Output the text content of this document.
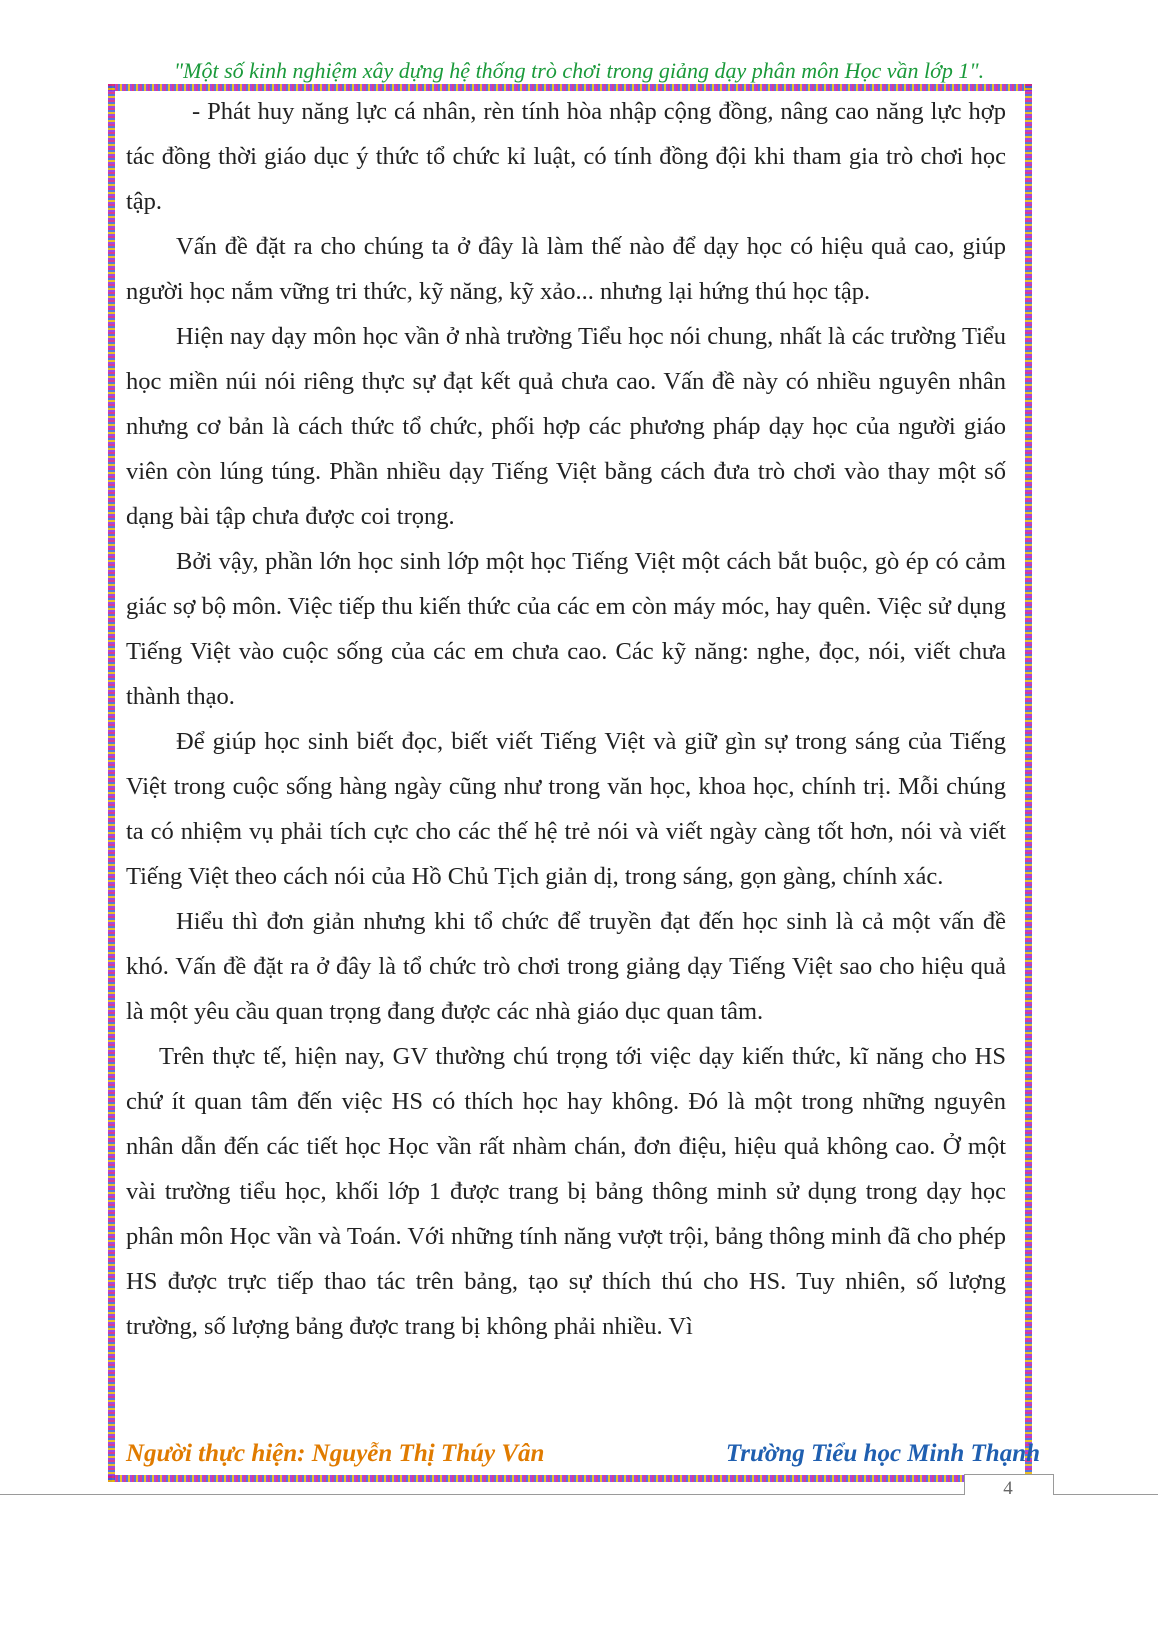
"Một số kinh nghiệm xây dựng hệ thống trò chơi trong giảng dạy phân môn Học vần lớp 1".

- Phát huy năng lực cá nhân, rèn tính hòa nhập cộng đồng, nâng cao năng lực hợp tác đồng thời giáo dục ý thức tổ chức kỉ luật, có tính đồng đội khi tham gia trò chơi học tập.

Vấn đề đặt ra cho chúng ta ở đây là làm thế nào để dạy học có hiệu quả cao, giúp người học nắm vững tri thức, kỹ năng, kỹ xảo... nhưng lại hứng thú học tập.

Hiện nay dạy môn học vần ở nhà trường Tiểu học nói chung, nhất là các trường Tiểu học miền núi nói riêng thực sự đạt kết quả chưa cao. Vấn đề này có nhiều nguyên nhân nhưng cơ bản là cách thức tổ chức, phối hợp các phương pháp dạy học của người giáo viên còn lúng túng. Phần nhiều dạy Tiếng Việt bằng cách đưa trò chơi vào thay một số dạng bài tập chưa được coi trọng.

Bởi vậy, phần lớn học sinh lớp một học Tiếng Việt một cách bắt buộc, gò ép có cảm giác sợ bộ môn. Việc tiếp thu kiến thức của các em còn máy móc, hay quên. Việc sử dụng Tiếng Việt vào cuộc sống của các em chưa cao. Các kỹ năng: nghe, đọc, nói, viết chưa thành thạo.

Để giúp học sinh biết đọc, biết viết Tiếng Việt và giữ gìn sự trong sáng của Tiếng Việt trong cuộc sống hàng ngày cũng như trong văn học, khoa học, chính trị. Mỗi chúng ta có nhiệm vụ phải tích cực cho các thế hệ trẻ nói và viết ngày càng tốt hơn, nói và viết Tiếng Việt theo cách nói của Hồ Chủ Tịch giản dị, trong sáng, gọn gàng, chính xác.

Hiểu thì đơn giản nhưng khi tổ chức để truyền đạt đến học sinh là cả một vấn đề khó. Vấn đề đặt ra ở đây là tổ chức trò chơi trong giảng dạy Tiếng Việt sao cho hiệu quả là một yêu cầu quan trọng đang được các nhà giáo dục quan tâm.

Trên thực tế, hiện nay, GV thường chú trọng tới việc dạy kiến thức, kĩ năng cho HS chứ ít quan tâm đến việc HS có thích học hay không. Đó là một trong những nguyên nhân dẫn đến các tiết học Học vần rất nhàm chán, đơn điệu, hiệu quả không cao. Ở một vài trường tiểu học, khối lớp 1 được trang bị bảng thông minh sử dụng trong dạy học phân môn Học vần và Toán. Với những tính năng vượt trội, bảng thông minh đã cho phép HS được trực tiếp thao tác trên bảng, tạo sự thích thú cho HS. Tuy nhiên, số lượng trường, số lượng bảng được trang bị không phải nhiều. Vì

Người thực hiện: Nguyễn Thị Thúy Vân	Trường Tiểu học Minh Thạnh
4
